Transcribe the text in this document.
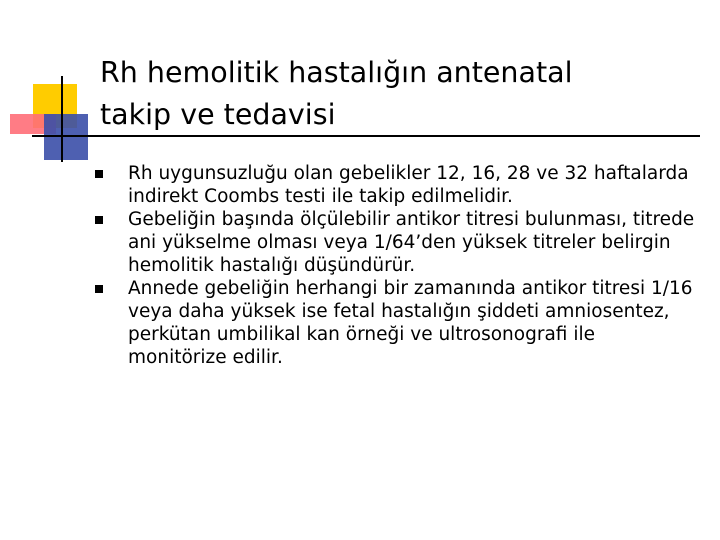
Rh hemolitik hastalığın antenatal
takip ve tedavisi
Rh uygunsuzluğu olan gebelikler 12, 16, 28 ve 32 haftalarda indirekt Coombs testi ile takip edilmelidir.
Gebeliğin başında ölçülebilir antikor titresi bulunması, titrede ani yükselme olması veya 1/64’den yüksek titreler belirgin hemolitik hastalığı düşündürür.
Annede gebeliğin herhangi bir zamanında antikor titresi 1/16 veya daha yüksek ise fetal hastalığın şiddeti amniosentez, perkütan umbilikal kan örneği ve ultrosonografi ile monitörize edilir.
